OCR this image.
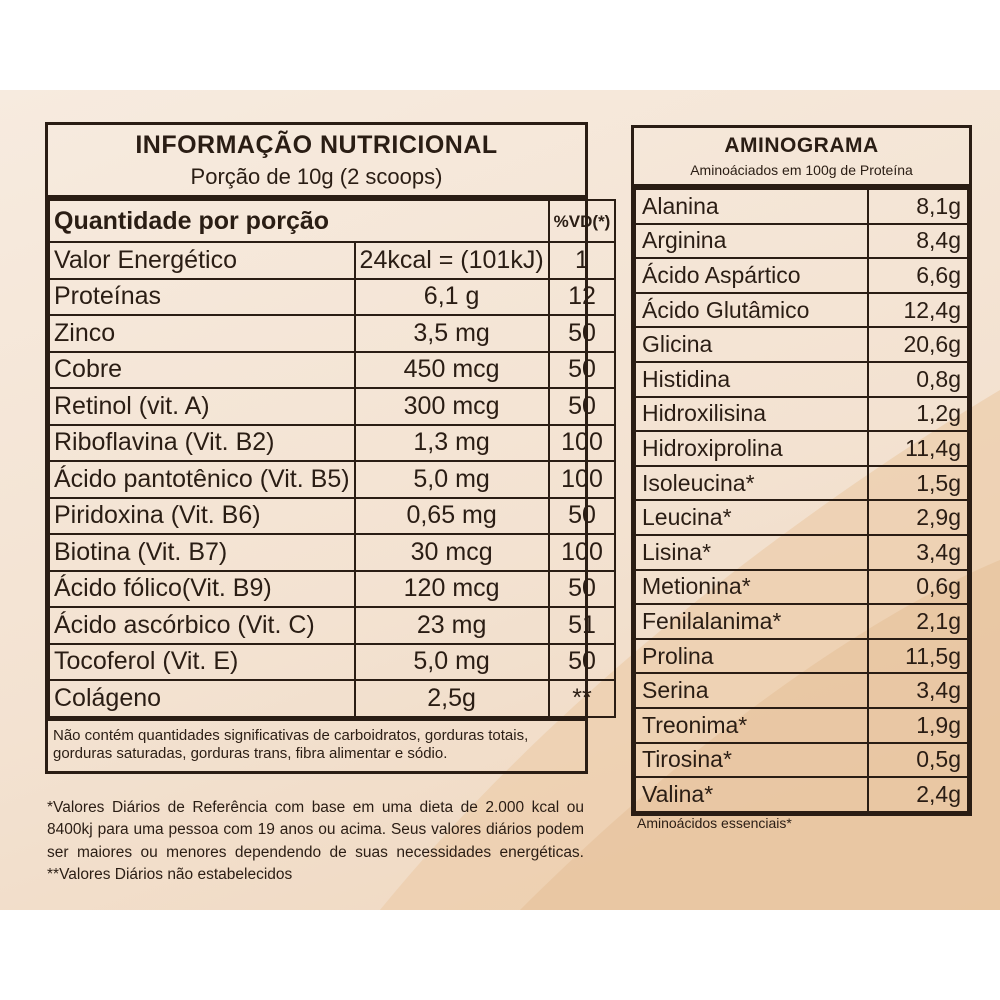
INFORMAÇÃO NUTRICIONAL
Porção de 10g (2 scoops)
Quantidade por porção		%VD(*)
Valor Energético	24kcal = (101kJ)	1
Proteínas	6,1 g	12
Zinco	3,5 mg	50
Cobre	450 mcg	50
Retinol (vit. A)	300 mcg	50
Riboflavina (Vit. B2)	1,3 mg	100
Ácido pantotênico (Vit. B5)	5,0 mg	100
Piridoxina (Vit. B6)	0,65 mg	50
Biotina (Vit. B7)	30 mcg	100
Ácido fólico(Vit. B9)	120 mcg	50
Ácido ascórbico (Vit. C)	23 mg	51
Tocoferol (Vit. E)	5,0 mg	50
Colágeno	2,5g	**
Não contém quantidades significativas de carboidratos, gorduras totais, gorduras saturadas, gorduras trans, fibra alimentar e sódio.
*Valores Diários de Referência com base em uma dieta de 2.000 kcal ou 8400kj para uma pessoa com 19 anos ou acima. Seus valores diários podem ser maiores ou menores dependendo de suas necessidades energéticas. **Valores Diários não estabelecidos
AMINOGRAMA
Aminoáciados em 100g de Proteína
Alanina	8,1g
Arginina	8,4g
Ácido Aspártico	6,6g
Ácido Glutâmico	12,4g
Glicina	20,6g
Histidina	0,8g
Hidroxilisina	1,2g
Hidroxiprolina	11,4g
Isoleucina*	1,5g
Leucina*	2,9g
Lisina*	3,4g
Metionina*	0,6g
Fenilalanima*	2,1g
Prolina	11,5g
Serina	3,4g
Treonima*	1,9g
Tirosina*	0,5g
Valina*	2,4g
Aminoácidos essenciais*
